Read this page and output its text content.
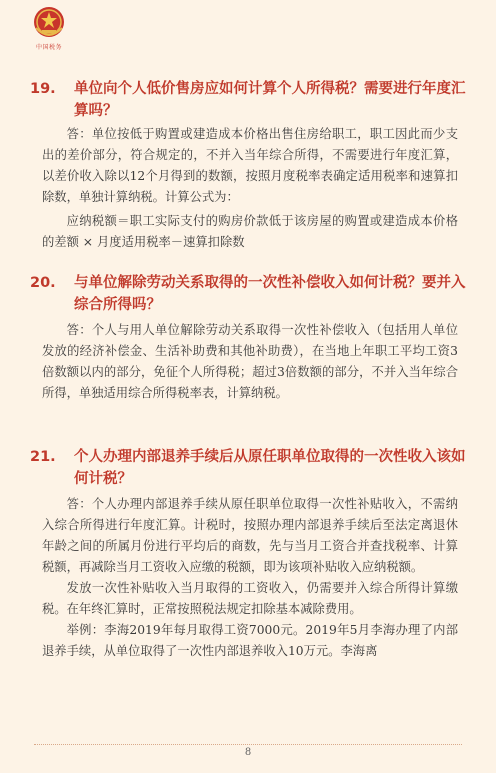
中国税务
19. 单位向个人低价售房应如何计算个人所得税？需要进行年度汇算吗？

答：单位按低于购置或建造成本价格出售住房给职工，职工因此而少支出的差价部分，符合规定的，不并入当年综合所得，不需要进行年度汇算，以差价收入除以12个月得到的数额，按照月度税率表确定适用税率和速算扣除数，单独计算纳税。计算公式为：

应纳税额＝职工实际支付的购房价款低于该房屋的购置或建造成本价格的差额 × 月度适用税率－速算扣除数

20. 与单位解除劳动关系取得的一次性补偿收入如何计税？要并入综合所得吗？

答：个人与用人单位解除劳动关系取得一次性补偿收入（包括用人单位发放的经济补偿金、生活补助费和其他补助费），在当地上年职工平均工资3倍数额以内的部分，免征个人所得税；超过3倍数额的部分，不并入当年综合所得，单独适用综合所得税率表，计算纳税。

21. 个人办理内部退养手续后从原任职单位取得的一次性收入该如何计税？

答：个人办理内部退养手续从原任职单位取得一次性补贴收入，不需纳入综合所得进行年度汇算。计税时，按照办理内部退养手续后至法定离退休年龄之间的所属月份进行平均后的商数，先与当月工资合并查找税率、计算税额，再减除当月工资收入应缴的税额，即为该项补贴收入应纳税额。

发放一次性补贴收入当月取得的工资收入，仍需要并入综合所得计算缴税。在年终汇算时，正常按照税法规定扣除基本减除费用。

举例：李海2019年每月取得工资7000元。2019年5月李海办理了内部退养手续，从单位取得了一次性内部退养收入10万元。李海离

8
